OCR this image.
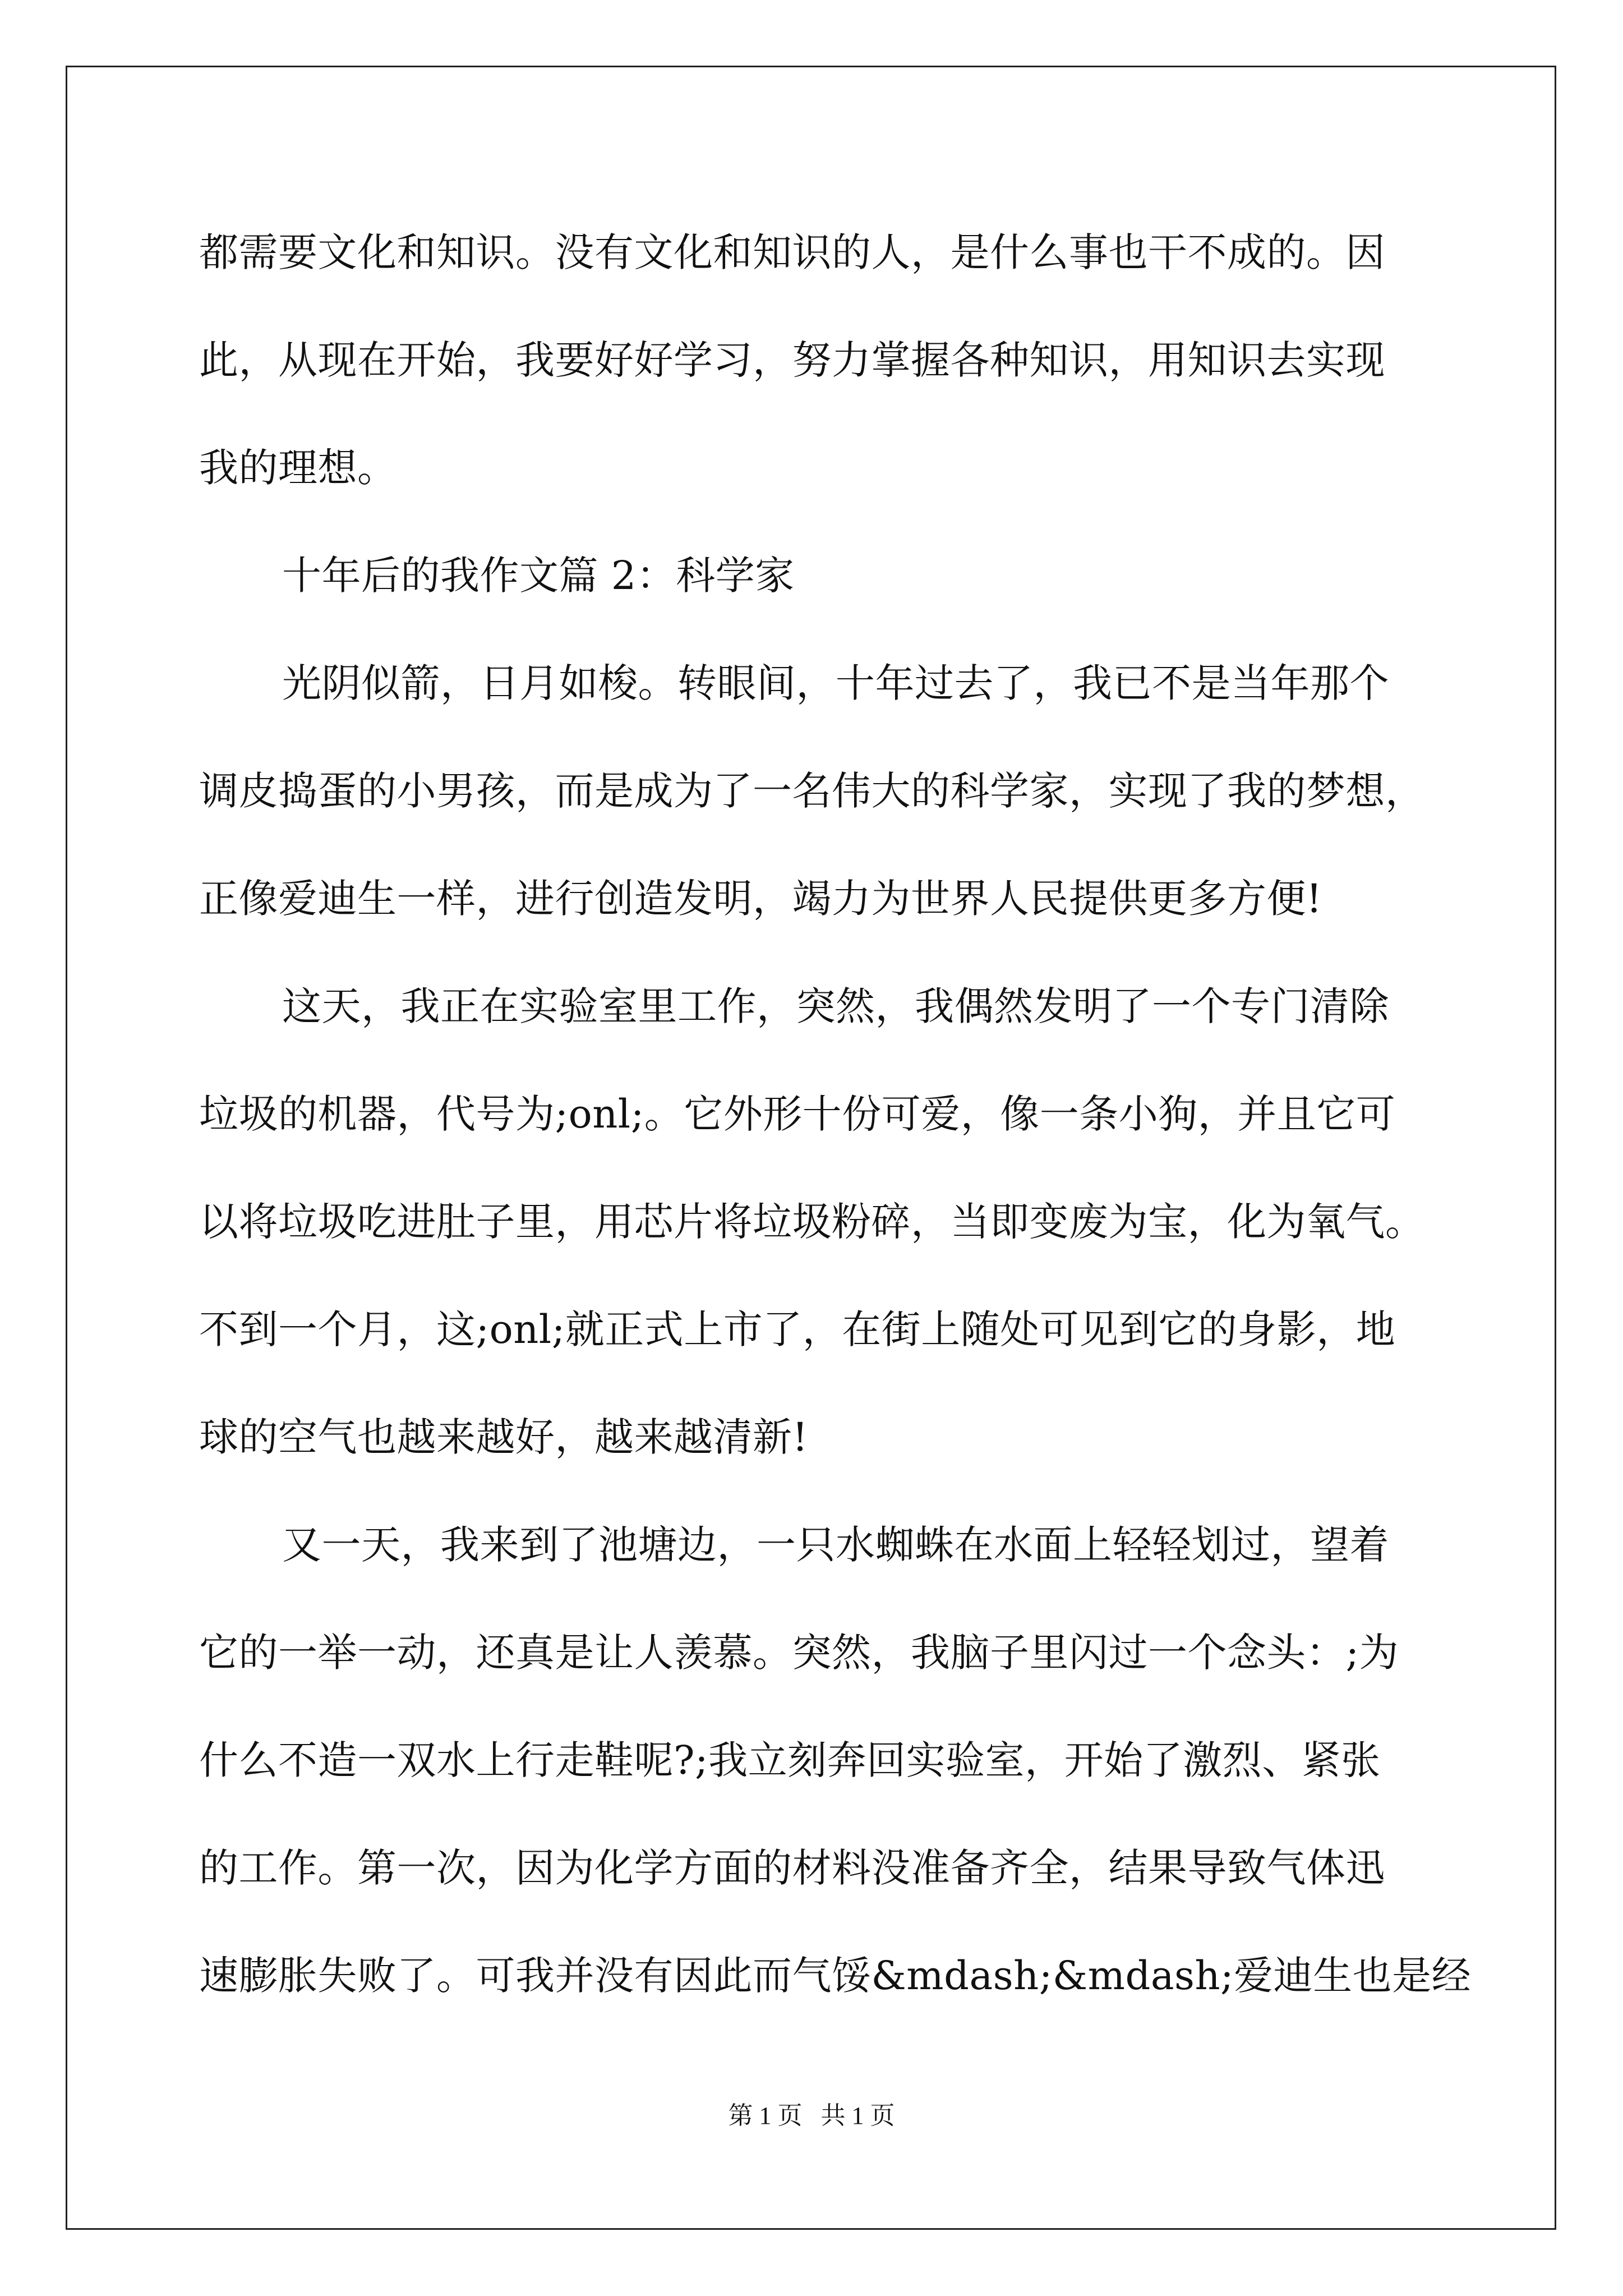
都需要文化和知识。没有文化和知识的人，是什么事也干不成的。因
此，从现在开始，我要好好学习，努力掌握各种知识，用知识去实现
我的理想。
十年后的我作文篇 2：科学家
光阴似箭，日月如梭。转眼间，十年过去了，我已不是当年那个
调皮捣蛋的小男孩，而是成为了一名伟大的科学家，实现了我的梦想，
正像爱迪生一样，进行创造发明，竭力为世界人民提供更多方便!
这天，我正在实验室里工作，突然，我偶然发明了一个专门清除
垃圾的机器，代号为;onl;。它外形十份可爱，像一条小狗，并且它可
以将垃圾吃进肚子里，用芯片将垃圾粉碎，当即变废为宝，化为氧气。
不到一个月，这;onl;就正式上市了，在街上随处可见到它的身影，地
球的空气也越来越好，越来越清新!
又一天，我来到了池塘边，一只水蜘蛛在水面上轻轻划过，望着
它的一举一动，还真是让人羡慕。突然，我脑子里闪过一个念头：;为
什么不造一双水上行走鞋呢?;我立刻奔回实验室，开始了激烈、紧张
的工作。第一次，因为化学方面的材料没准备齐全，结果导致气体迅
速膨胀失败了。可我并没有因此而气馁&mdash;&mdash;爱迪生也是经
第 1 页   共 1 页
